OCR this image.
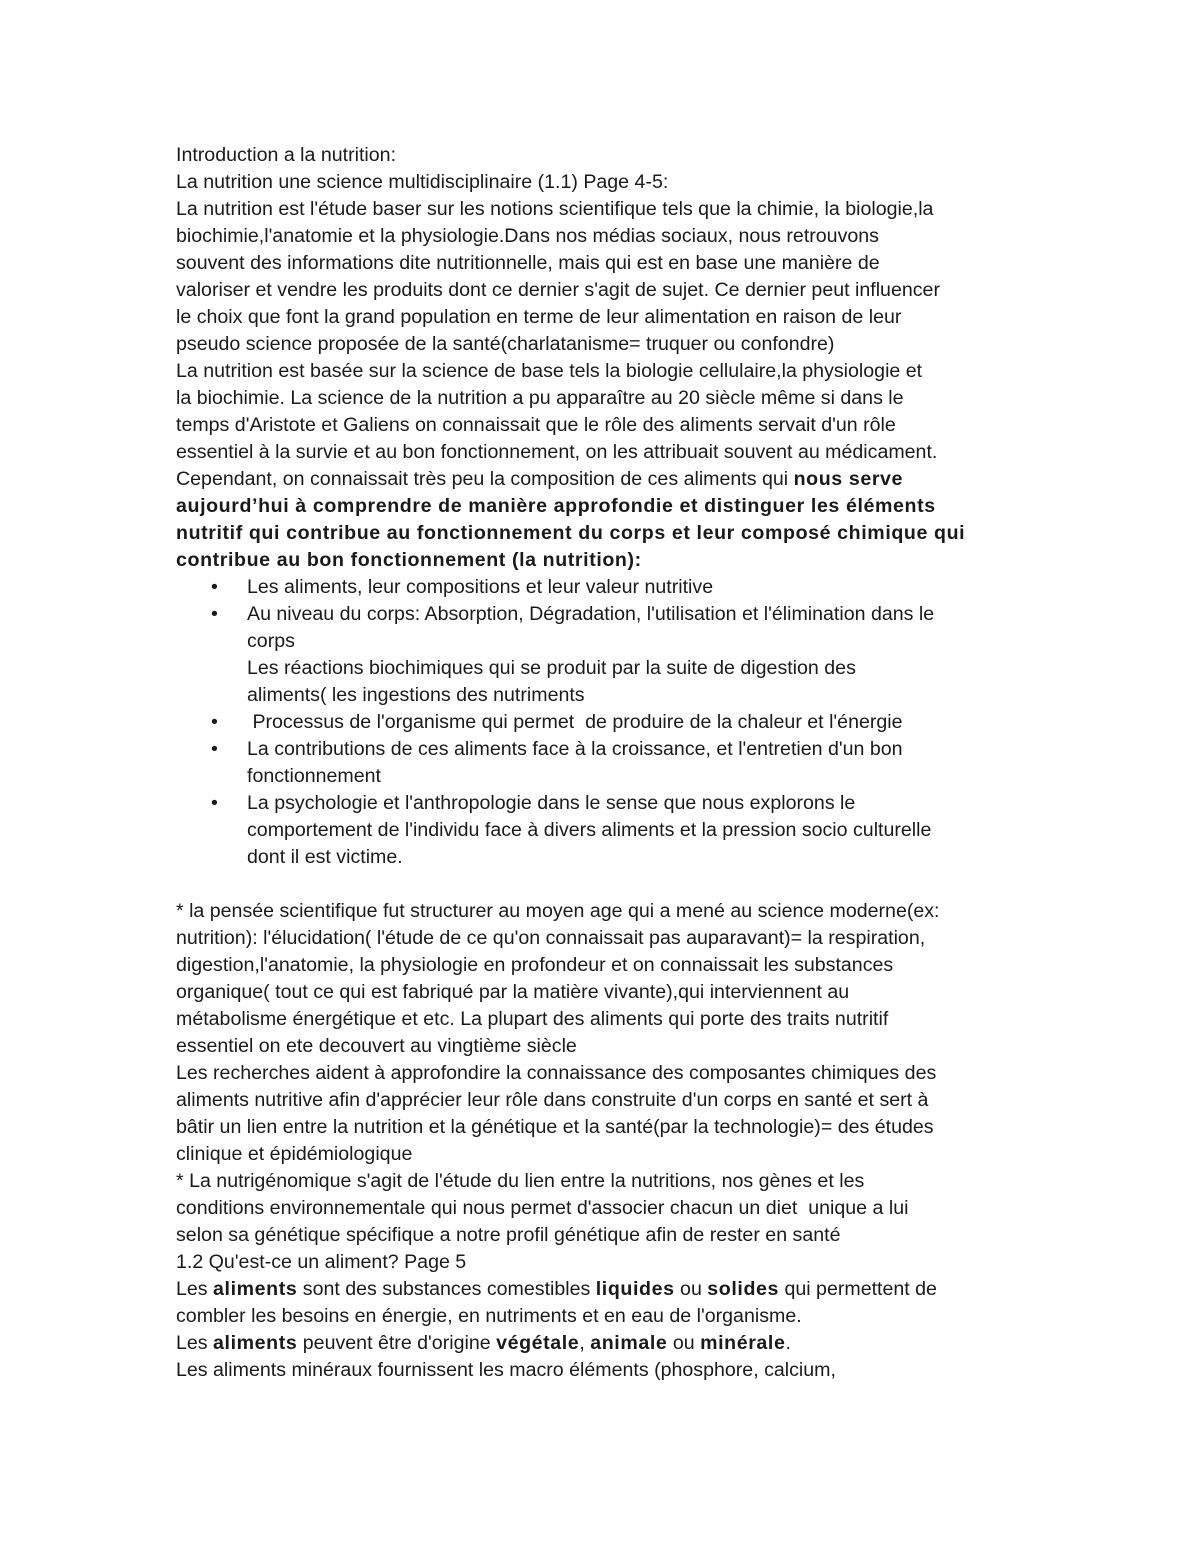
Introduction a la nutrition:
La nutrition une science multidisciplinaire (1.1) Page 4-5:
La nutrition est l'étude baser sur les notions scientifique tels que la chimie, la biologie,la
biochimie,l'anatomie et la physiologie.Dans nos médias sociaux, nous retrouvons
souvent des informations dite nutritionnelle, mais qui est en base une manière de
valoriser et vendre les produits dont ce dernier s'agit de sujet. Ce dernier peut influencer
le choix que font la grand population en terme de leur alimentation en raison de leur
pseudo science proposée de la santé(charlatanisme= truquer ou confondre)
La nutrition est basée sur la science de base tels la biologie cellulaire,la physiologie et
la biochimie. La science de la nutrition a pu apparaître au 20 siècle même si dans le
temps d'Aristote et Galiens on connaissait que le rôle des aliments servait d'un rôle
essentiel à la survie et au bon fonctionnement, on les attribuait souvent au médicament.
Cependant, on connaissait très peu la composition de ces aliments qui nous serve
aujourd’hui à comprendre de manière approfondie et distinguer les éléments
nutritif qui contribue au fonctionnement du corps et leur composé chimique qui
contribue au bon fonctionnement (la nutrition):
•	Les aliments, leur compositions et leur valeur nutritive
•	Au niveau du corps: Absorption, Dégradation, l'utilisation et l'élimination dans le
corps
Les réactions biochimiques qui se produit par la suite de digestion des
aliments( les ingestions des nutriments
•	Processus de l'organisme qui permet  de produire de la chaleur et l'énergie
•	La contributions de ces aliments face à la croissance, et l'entretien d'un bon
fonctionnement
•	La psychologie et l'anthropologie dans le sense que nous explorons le
comportement de l'individu face à divers aliments et la pression socio culturelle
dont il est victime.
* la pensée scientifique fut structurer au moyen age qui a mené au science moderne(ex:
nutrition): l'élucidation( l'étude de ce qu'on connaissait pas auparavant)= la respiration,
digestion,l'anatomie, la physiologie en profondeur et on connaissait les substances
organique( tout ce qui est fabriqué par la matière vivante),qui interviennent au
métabolisme énergétique et etc. La plupart des aliments qui porte des traits nutritif
essentiel on ete decouvert au vingtième siècle
Les recherches aident à approfondire la connaissance des composantes chimiques des
aliments nutritive afin d'apprécier leur rôle dans construite d'un corps en santé et sert à
bâtir un lien entre la nutrition et la génétique et la santé(par la technologie)= des études
clinique et épidémiologique
* La nutrigénomique s'agit de l'étude du lien entre la nutritions, nos gènes et les
conditions environnementale qui nous permet d'associer chacun un diet  unique a lui
selon sa génétique spécifique a notre profil génétique afin de rester en santé
1.2 Qu'est-ce un aliment? Page 5
Les aliments sont des substances comestibles liquides ou solides qui permettent de
combler les besoins en énergie, en nutriments et en eau de l'organisme.
Les aliments peuvent être d'origine végétale, animale ou minérale.
Les aliments minéraux fournissent les macro éléments (phosphore, calcium,
